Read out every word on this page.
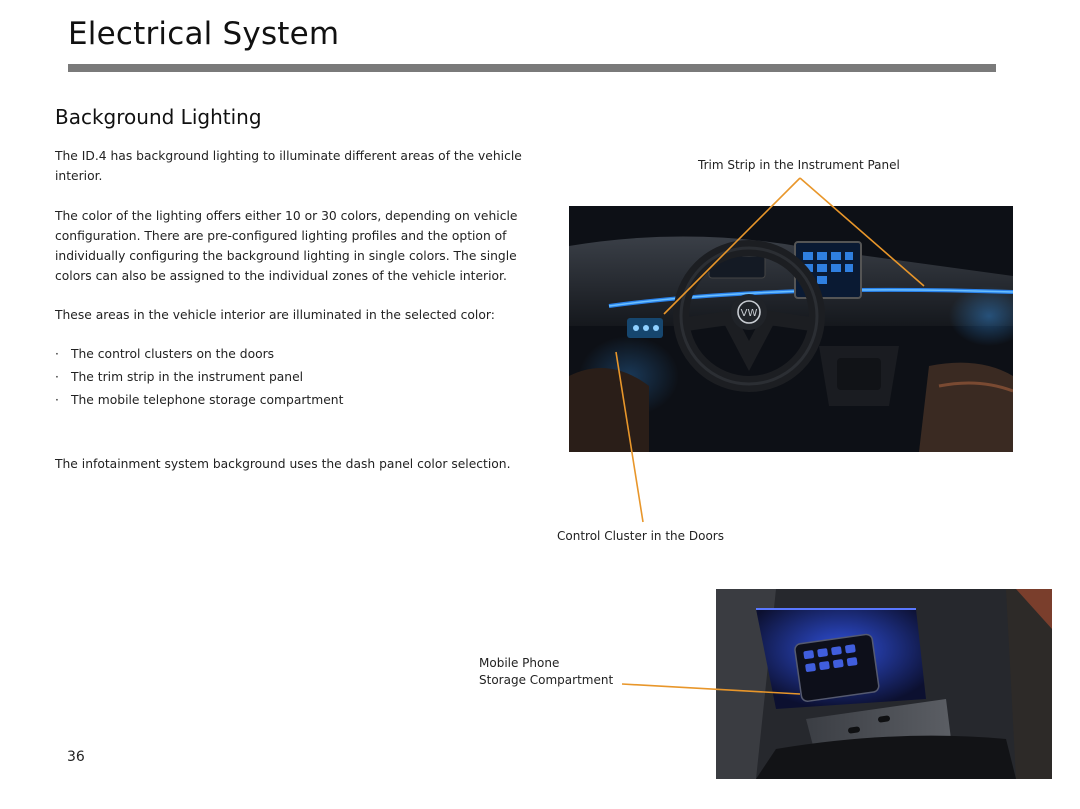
Electrical System
Background Lighting

The ID.4 has background lighting to illuminate different areas of the vehicle interior.

The color of the lighting offers either 10 or 30 colors, depending on vehicle configuration. There are pre-configured lighting profiles and the option of individually configuring the background lighting in single colors. The single colors can also be assigned to the individual zones of the vehicle interior.

These areas in the vehicle interior are illuminated in the selected color:

· The control clusters on the doors
· The trim strip in the instrument panel
· The mobile telephone storage compartment

The infotainment system background uses the dash panel color selection.

VW

Trim Strip in the Instrument Panel

Control Cluster in the Doors

Mobile Phone
Storage Compartment

36
